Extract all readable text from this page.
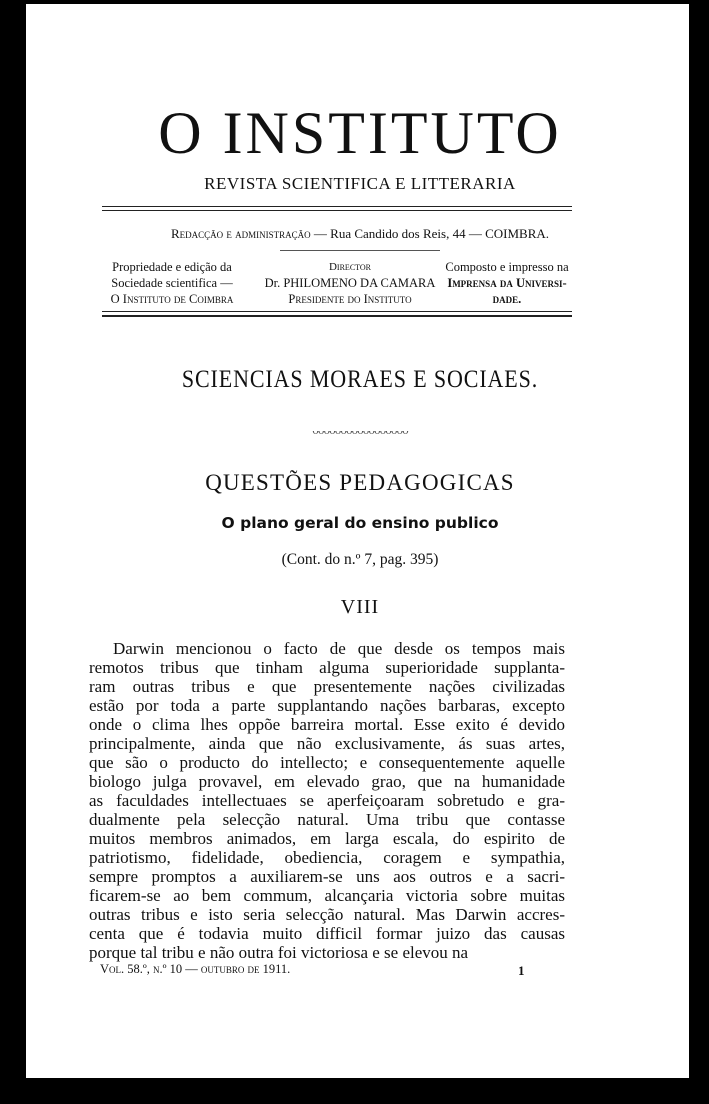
O INSTITUTO
REVISTA SCIENTIFICA E LITTERARIA
Redacção e administração — Rua Candido dos Reis, 44 — COIMBRA.
Propriedade e edição da
Sociedade scientifica —
O Instituto de Coimbra
Director
Dr. PHILOMENO DA CAMARA
Presidente do Instituto
Composto e impresso na
Imprensa da Universi-
dade.
SCIENCIAS MORAES E SOCIAES.
ᴗᴗᴗᴗᴗᴗᴗᴗᴗᴗᴗᴗᴗᴗᴗᴗᴗ
QUESTÕES PEDAGOGICAS
O plano geral do ensino publico
(Cont. do n.º 7, pag. 395)
VIII
Darwin mencionou o facto de que desde os tempos mais
remotos tribus que tinham alguma superioridade supplanta-
ram outras tribus e que presentemente nações civilizadas
estão por toda a parte supplantando nações barbaras, excepto
onde o clima lhes oppõe barreira mortal. Esse exito é devido
principalmente, ainda que não exclusivamente, ás suas artes,
que são o producto do intellecto; e consequentemente aquelle
biologo julga provavel, em elevado grao, que na humanidade
as faculdades intellectuaes se aperfeiçoaram sobretudo e gra-
dualmente pela selecção natural. Uma tribu que contasse
muitos membros animados, em larga escala, do espirito de
patriotismo, fidelidade, obediencia, coragem e sympathia,
sempre promptos a auxiliarem-se uns aos outros e a sacri-
ficarem-se ao bem commum, alcançaria victoria sobre muitas
outras tribus e isto seria selecção natural. Mas Darwin accres-
centa que é todavia muito difficil formar juizo das causas
porque tal tribu e não outra foi victoriosa e se elevou na
Vol. 58.º, n.º 10 — outubro de 1911.	1
